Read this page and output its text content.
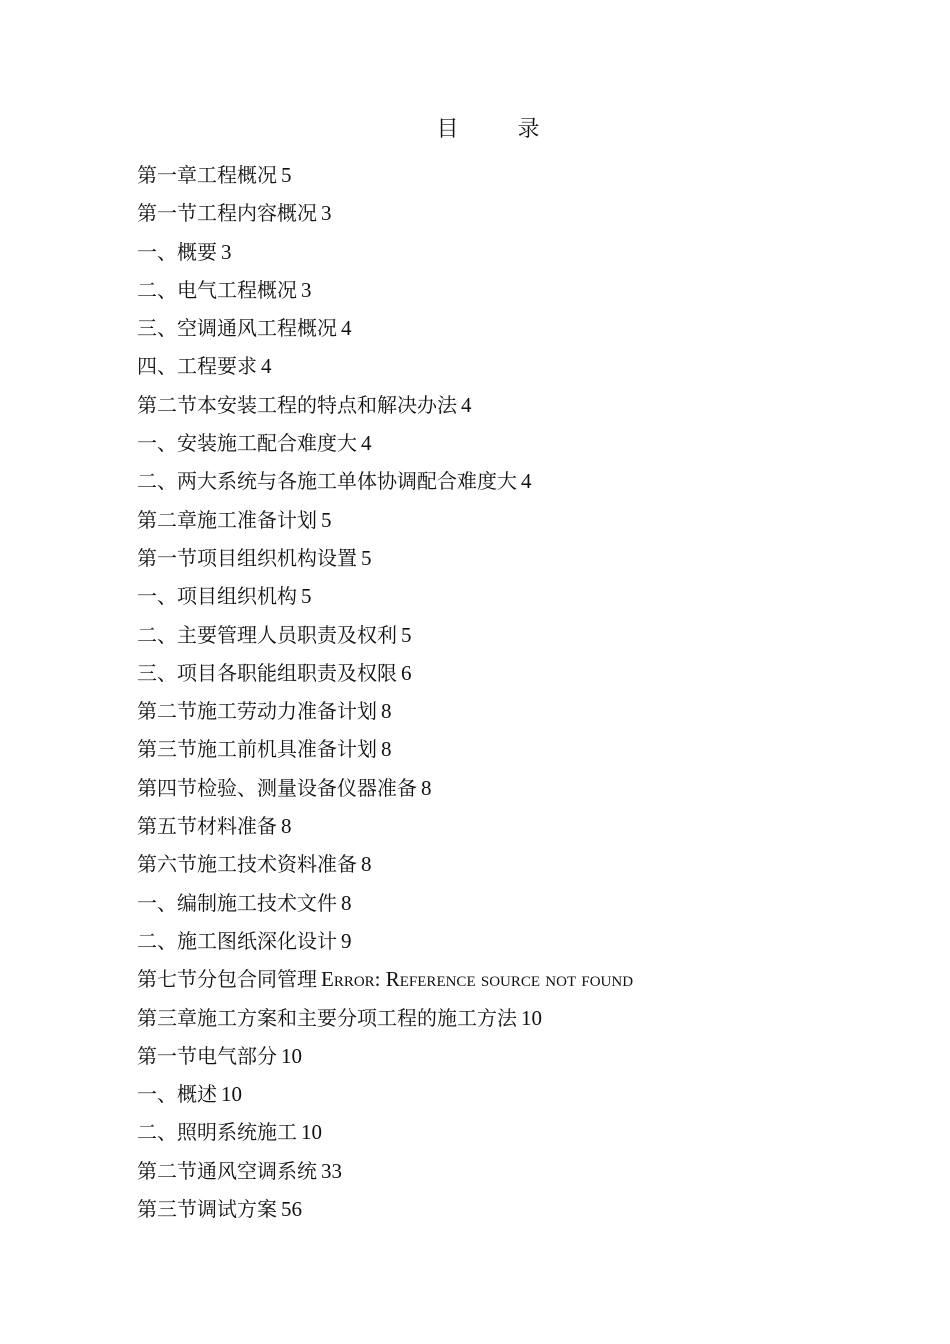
目 录
第一章工程概况 5
第一节工程内容概况 3
一、概要 3
二、电气工程概况 3
三、空调通风工程概况 4
四、工程要求 4
第二节本安装工程的特点和解决办法 4
一、安装施工配合难度大 4
二、两大系统与各施工单体协调配合难度大 4
第二章施工准备计划 5
第一节项目组织机构设置 5
一、项目组织机构 5
二、主要管理人员职责及权利 5
三、项目各职能组职责及权限 6
第二节施工劳动力准备计划 8
第三节施工前机具准备计划 8
第四节检验、测量设备仪器准备 8
第五节材料准备 8
第六节施工技术资料准备 8
一、编制施工技术文件 8
二、施工图纸深化设计 9
第七节分包合同管理 Error: Reference source not found
第三章施工方案和主要分项工程的施工方法 10
第一节电气部分 10
一、概述 10
二、照明系统施工 10
第二节通风空调系统 33
第三节调试方案 56
